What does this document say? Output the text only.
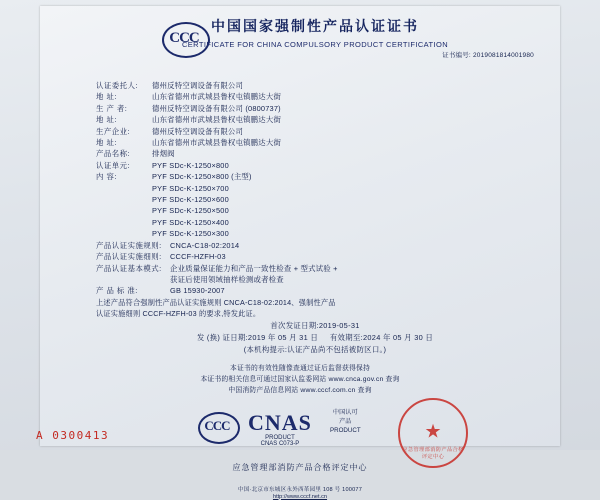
CCC
中国国家强制性产品认证证书
CERTIFICATE FOR CHINA COMPULSORY PRODUCT CERTIFICATION
证书编号: 2019081814001980
认证委托人:	德州反特空调设备有限公司
地 址:	山东省德州市武城县鲁权屯镇鹏达大街
生 产 者:	德州反特空调设备有限公司 (0800737)
地 址:	山东省德州市武城县鲁权屯镇鹏达大街
生产企业:	德州反特空调设备有限公司
地 址:	山东省德州市武城县鲁权屯镇鹏达大街
产品名称:	排烟阀
认证单元:	PYF SDc-K-1250×800
内 容:	PYF SDc-K-1250×800 (主型)
PYF SDc-K-1250×700
PYF SDc-K-1250×600
PYF SDc-K-1250×500
PYF SDc-K-1250×400
PYF SDc-K-1250×300
产品认证实施规则:	CNCA-C18-02:2014
产品认证实施细则:	CCCF-HZFH-03
产品认证基本模式:	企业质量保证能力和产品一致性检查 + 型式试验 +
获证后使用领域抽样检测或者检查
产 品 标 准:	GB 15930-2007
上述产品符合强制性产品认证实施规则 CNCA-C18-02:2014、强制性产品
认证实施细则 CCCF-HZFH-03 的要求,特发此证。
首次发证日期:2019-05-31
发 (换) 证日期:2019 年 05 月 31 日 有效期至:2024 年 05 月 30 日
(本机构提示:认证产品尚不包括被防区口。)
本证书的有效性随像查通过证后监督获得保持
本证书的相关信息可通过国家认监委网站 www.cnca.gov.cn 查询
中国消防产品信息网站 www.cccf.com.cn 查询
CCC CNAS
PRODUCT
CNAS C073-P
中国认可
产品
PRODUCT	★
应急管理部消防产品合格评定中心
应急管理部消防产品合格评定中心
中国·北京市东城区永外西革园里 108 号 100077
http://www.cccf.net.cn
A 0300413
